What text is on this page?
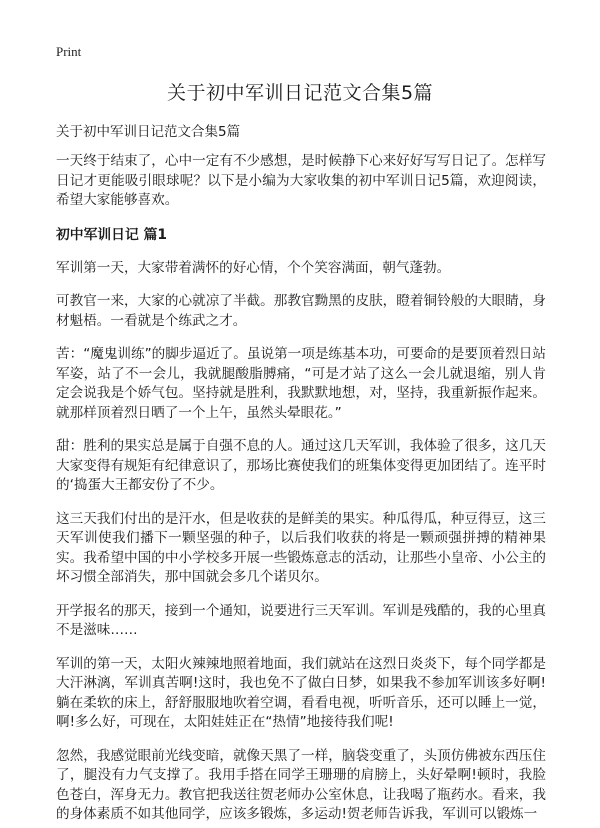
Print
关于初中军训日记范文合集5篇

关于初中军训日记范文合集5篇

一天终于结束了，心中一定有不少感想，是时候静下心来好好写写日记了。怎样写日记才更能吸引眼球呢？以下是小编为大家收集的初中军训日记5篇，欢迎阅读，希望大家能够喜欢。

初中军训日记 篇1

军训第一天，大家带着满怀的好心情，个个笑容满面，朝气蓬勃。

可教官一来，大家的心就凉了半截。那教官黝黑的皮肤，瞪着铜铃般的大眼睛，身材魁梧。一看就是个练武之才。

苦：“魔鬼训练”的脚步逼近了。虽说第一项是练基本功，可要命的是要顶着烈日站军姿，站了不一会儿，我就腿酸脂膊痛，“可是才站了这么一会儿就退缩，别人肯定会说我是个娇气包。坚持就是胜利，我默默地想，对，坚持，我重新振作起来。就那样顶着烈日晒了一个上午，虽然头晕眼花。”

甜：胜利的果实总是属于自强不息的人。通过这几天军训，我体验了很多，这几天大家变得有规矩有纪律意识了，那场比赛使我们的班集体变得更加团结了。连平时的‘捣蛋大王都安份了不少。

这三天我们付出的是汗水，但是收获的是鲜美的果实。种瓜得瓜，种豆得豆，这三天军训使我们播下一颗坚强的种子，以后我们收获的将是一颗顽强拼搏的精神果实。我希望中国的中小学校多开展一些锻炼意志的活动，让那些小皇帝、小公主的坏习惯全部消失，那中国就会多几个诺贝尔。

开学报名的那天，接到一个通知，说要进行三天军训。军训是残酷的，我的心里真不是滋味……

军训的第一天，太阳火辣辣地照着地面，我们就站在这烈日炎炎下，每个同学都是大汗淋漓，军训真苦啊!这时，我也免不了做白日梦，如果我不参加军训该多好啊!躺在柔软的床上，舒舒服服地吹着空调，看看电视，听听音乐，还可以睡上一觉，啊!多么好，可现在，太阳娃娃正在“热情”地接待我们呢!

忽然，我感觉眼前光线变暗，就像天黑了一样，脑袋变重了，头顶仿佛被东西压住了，腿没有力气支撑了。我用手搭在同学王珊珊的肩膀上，头好晕啊!顿时，我脸色苍白，浑身无力。教官把我送往贺老师办公室休息，让我喝了瓶药水。看来，我的身体素质不如其他同学，应该多锻炼，多运动!贺老师告诉我，军训可以锻炼一
